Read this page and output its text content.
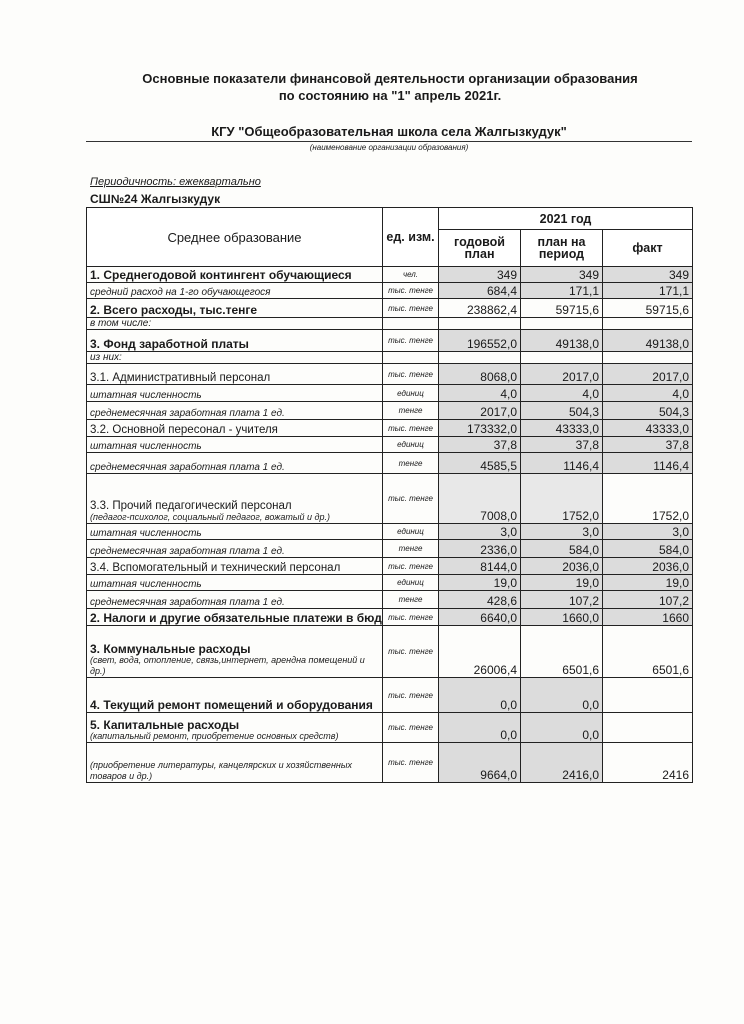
Основные показатели финансовой деятельности организации образования
по состоянию на "1" апрель 2021г.
КГУ "Общеобразовательная школа села Жалгызкудук"
(наименование организации образования)
Периодичность: ежеквартально
СШ№24 Жалгызкудук
Среднее образование	ед. изм.	2021 год		
		годовой план	план на период	факт

1. Среднегодовой контингент обучающиеся	чел.	349	349	349

средний расход на 1-го обучающегося	тыс. тенге	684,4	171,1	171,1

2. Всего расходы, тыс.тенге	тыс. тенге	238862,4	59715,6	59715,6

в том числе:				

3. Фонд заработной платы	тыс. тенге	196552,0	49138,0	49138,0

из них:				

3.1. Административный персонал	тыс. тенге	8068,0	2017,0	2017,0

штатная численность	единиц	4,0	4,0	4,0

среднемесячная заработная плата 1 ед.	тенге	2017,0	504,3	504,3

3.2. Основной пересонал - учителя	тыс. тенге	173332,0	43333,0	43333,0

штатная численность	единиц	37,8	37,8	37,8

среднемесячная заработная плата 1 ед.	тенге	4585,5	1146,4	1146,4

3.3. Прочий педагогический персонал
(педагог-психолог, социальный педагог, вожатый и др.)	тыс. тенге	7008,0	1752,0	1752,0

штатная численность	единиц	3,0	3,0	3,0

среднемесячная заработная плата 1 ед.	тенге	2336,0	584,0	584,0

3.4. Вспомогательный и технический персонал	тыс. тенге	8144,0	2036,0	2036,0

штатная численность	единиц	19,0	19,0	19,0

среднемесячная заработная плата 1 ед.	тенге	428,6	107,2	107,2

2. Налоги и другие обязательные платежи в бюд	тыс. тенге	6640,0	1660,0	1660

3. Коммунальные расходы
(свет, вода, отопление, связь,интернет, арендна помещений и др.)	тыс. тенге	26006,4	6501,6	6501,6

4. Текущий ремонт помещений и оборудования	тыс. тенге	0,0	0,0	

5. Капитальные расходы
(капитальный ремонт, приобретение основных средств)	тыс. тенге	0,0	0,0	

(приобретение литературы, канцелярских и хозяйственных товаров и др.)	тыс. тенге	9664,0	2416,0	2416
